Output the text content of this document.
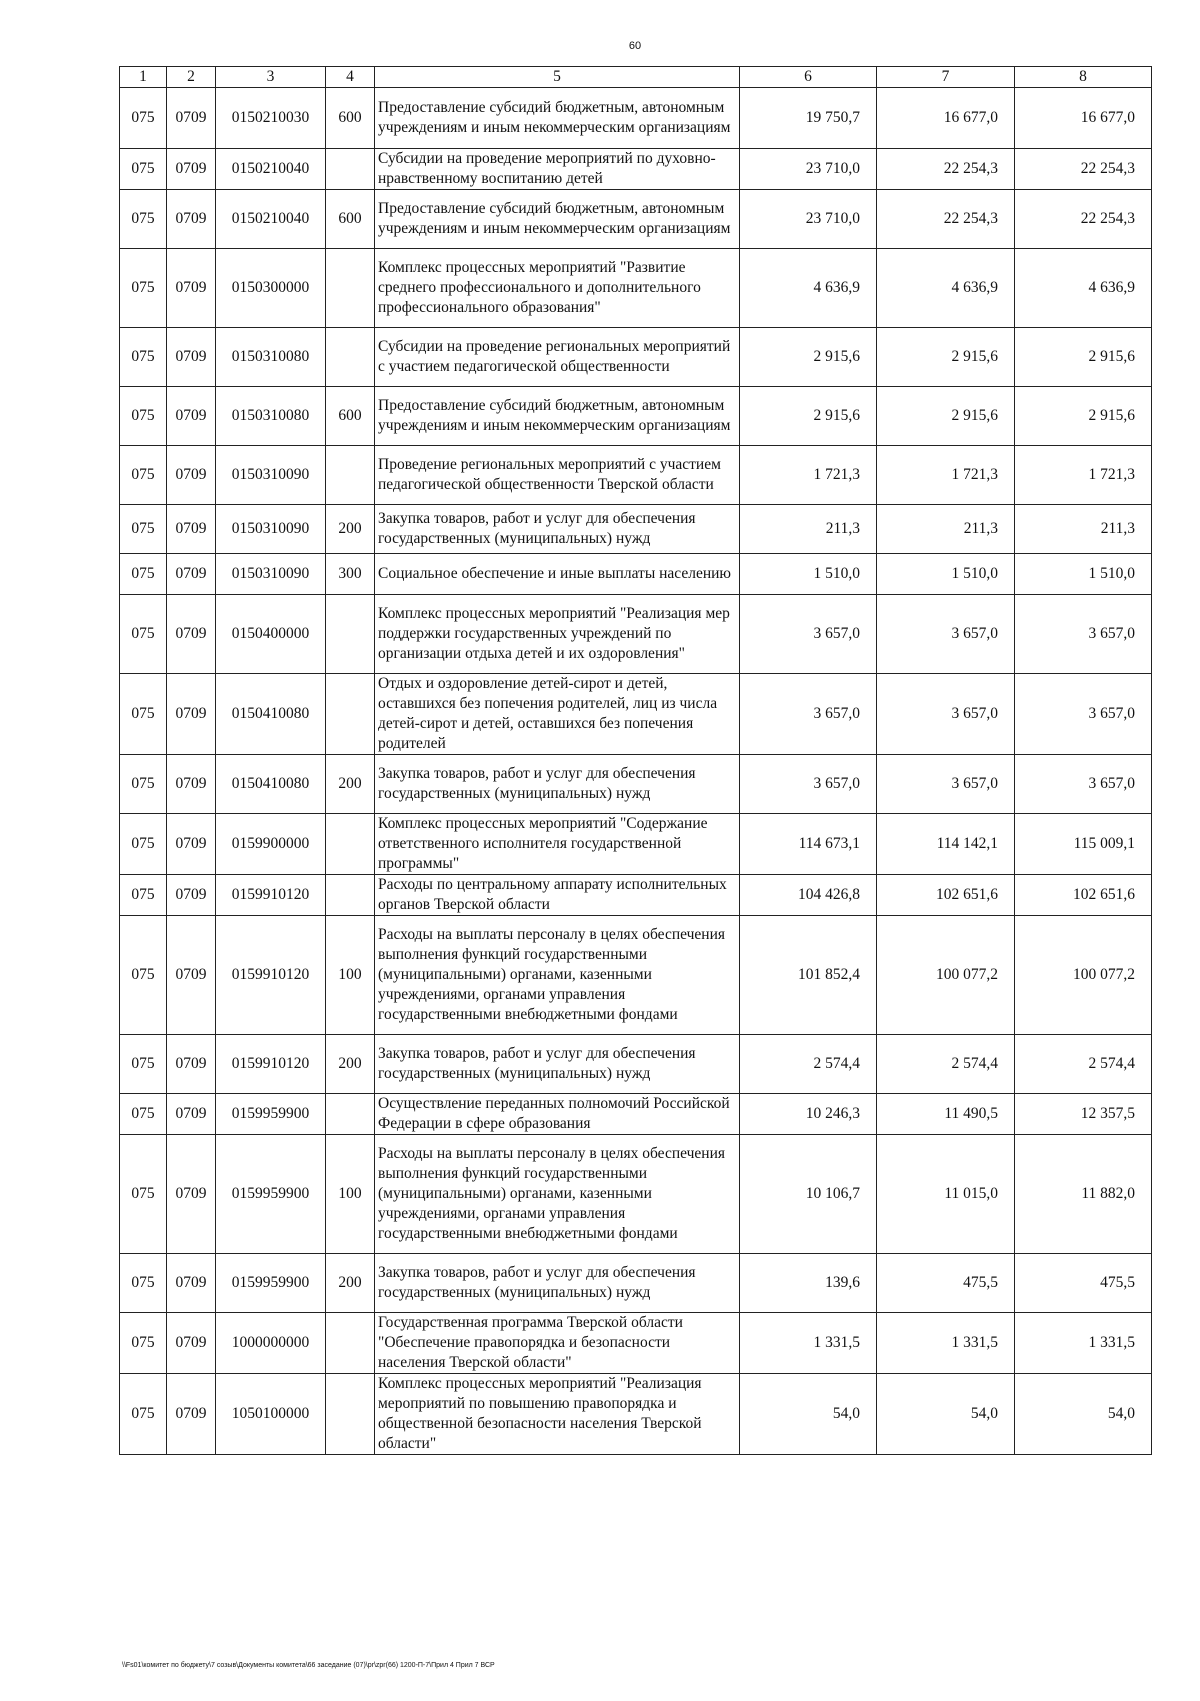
60
1	2	3	4	5	6	7	8
075	0709	0150210030	600	Предоставление субсидий бюджетным, автономным учреждениям и иным некоммерческим организациям	19 750,7	16 677,0	16 677,0
075	0709	0150210040		Субсидии на проведение мероприятий по духовно-нравственному воспитанию детей	23 710,0	22 254,3	22 254,3
075	0709	0150210040	600	Предоставление субсидий бюджетным, автономным учреждениям и иным некоммерческим организациям	23 710,0	22 254,3	22 254,3
075	0709	0150300000		Комплекс процессных мероприятий "Развитие среднего профессионального и дополнительного профессионального образования"	4 636,9	4 636,9	4 636,9
075	0709	0150310080		Субсидии на проведение региональных мероприятий с участием педагогической общественности	2 915,6	2 915,6	2 915,6
075	0709	0150310080	600	Предоставление субсидий бюджетным, автономным учреждениям и иным некоммерческим организациям	2 915,6	2 915,6	2 915,6
075	0709	0150310090		Проведение региональных мероприятий с участием педагогической общественности Тверской области	1 721,3	1 721,3	1 721,3
075	0709	0150310090	200	Закупка товаров, работ и услуг для обеспечения государственных (муниципальных) нужд	211,3	211,3	211,3
075	0709	0150310090	300	Социальное обеспечение и иные выплаты населению	1 510,0	1 510,0	1 510,0
075	0709	0150400000		Комплекс процессных мероприятий "Реализация мер поддержки государственных учреждений по организации отдыха детей и их оздоровления"	3 657,0	3 657,0	3 657,0
075	0709	0150410080		Отдых и оздоровление детей-сирот и детей, оставшихся без попечения родителей, лиц из числа детей-сирот и детей, оставшихся без попечения родителей	3 657,0	3 657,0	3 657,0
075	0709	0150410080	200	Закупка товаров, работ и услуг для обеспечения государственных (муниципальных) нужд	3 657,0	3 657,0	3 657,0
075	0709	0159900000		Комплекс процессных мероприятий "Содержание ответственного исполнителя государственной программы"	114 673,1	114 142,1	115 009,1
075	0709	0159910120		Расходы по центральному аппарату исполнительных органов Тверской области	104 426,8	102 651,6	102 651,6
075	0709	0159910120	100	Расходы на выплаты персоналу в целях обеспечения выполнения функций государственными (муниципальными) органами, казенными учреждениями, органами управления государственными внебюджетными фондами	101 852,4	100 077,2	100 077,2
075	0709	0159910120	200	Закупка товаров, работ и услуг для обеспечения государственных (муниципальных) нужд	2 574,4	2 574,4	2 574,4
075	0709	0159959900		Осуществление переданных полномочий Российской Федерации в сфере образования	10 246,3	11 490,5	12 357,5
075	0709	0159959900	100	Расходы на выплаты персоналу в целях обеспечения выполнения функций государственными (муниципальными) органами, казенными учреждениями, органами управления государственными внебюджетными фондами	10 106,7	11 015,0	11 882,0
075	0709	0159959900	200	Закупка товаров, работ и услуг для обеспечения государственных (муниципальных) нужд	139,6	475,5	475,5
075	0709	1000000000		Государственная программа Тверской области "Обеспечение правопорядка и безопасности населения Тверской области"	1 331,5	1 331,5	1 331,5
075	0709	1050100000		Комплекс процессных мероприятий "Реализация мероприятий по повышению правопорядка и общественной безопасности населения Тверской области"	54,0	54,0	54,0
\\Fs01\комитет по бюджету\7 созыв\Документы комитета\66 заседание (07)\pr\zpr(66) 1200-П-7\Прил 4 Прил 7 ВСР
